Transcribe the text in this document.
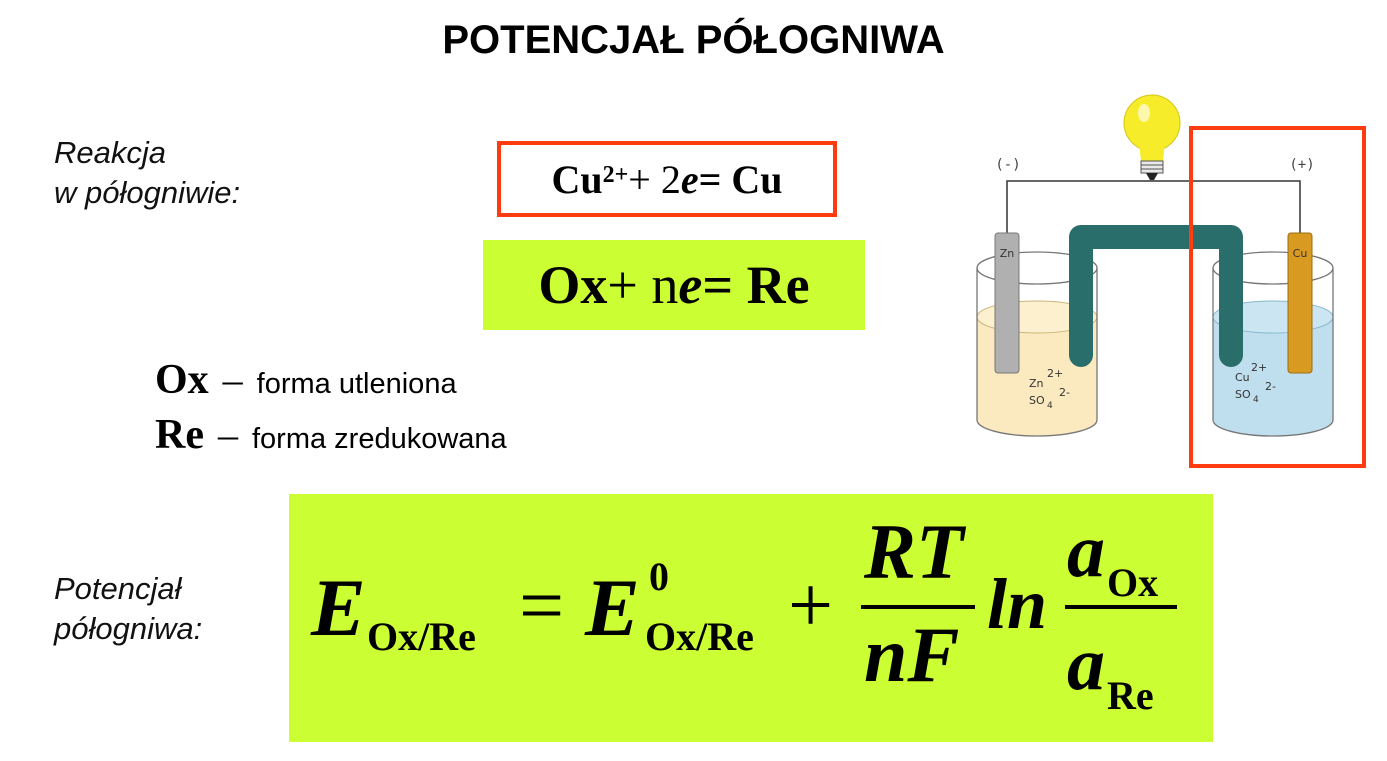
POTENCJAŁ PÓŁOGNIWA
Reakcja
w półogniwie:
Potencjał
półogniwa:
$Cu^{2+} + 2$ e = Cu
Ox + n e = Re
Ox – forma utleniona
Re – forma zredukowana
E Ox/Re = E 0
Ox/Re +
RT
nF
ln
a Ox
a Re
(-)	(+)
Zn	Cu
Zn
2+
SO 4
2-
Cu
2+
SO 4
2-
